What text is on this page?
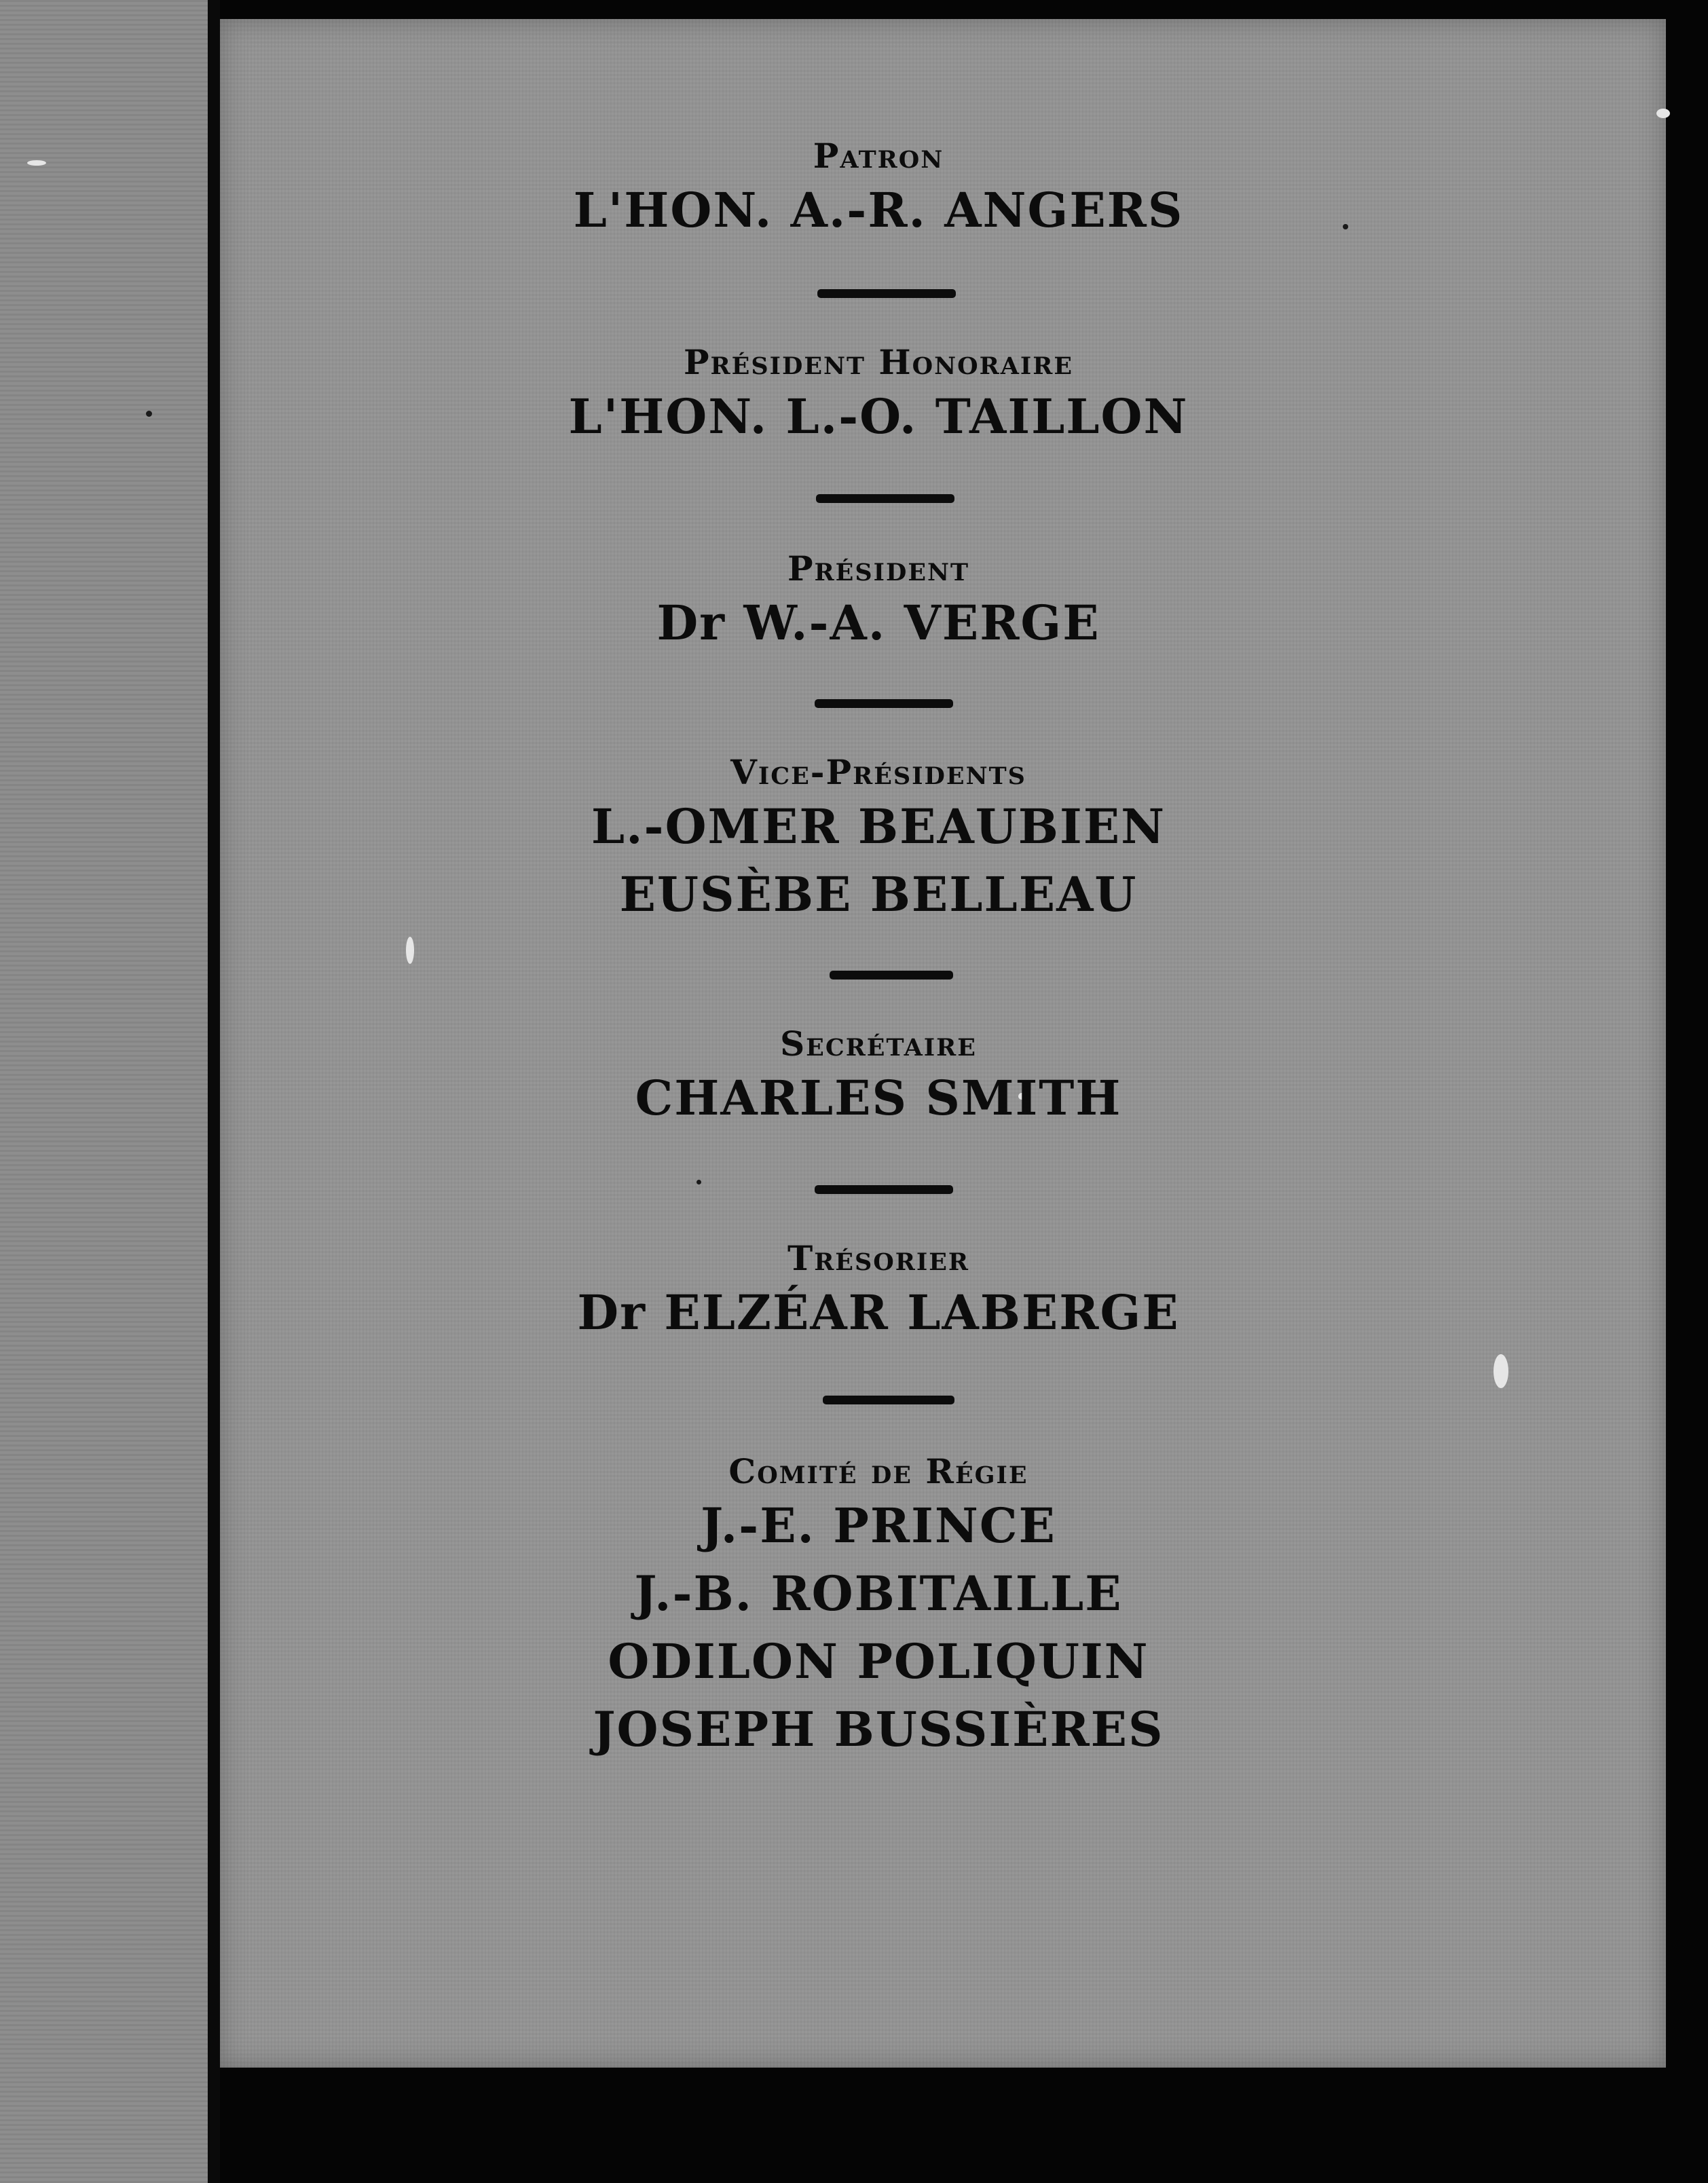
Patron
L'HON. A.-R. ANGERS
Président Honoraire
L'HON. L.-O. TAILLON
Président
Dr W.-A. VERGE
Vice-Présidents
L.-OMER BEAUBIEN
EUSÈBE BELLEAU
Secrétaire
CHARLES SMITH
Trésorier
Dr ELZÉAR LABERGE
Comité de Régie
J.-E. PRINCE
J.-B. ROBITAILLE
ODILON POLIQUIN
JOSEPH BUSSIÈRES
